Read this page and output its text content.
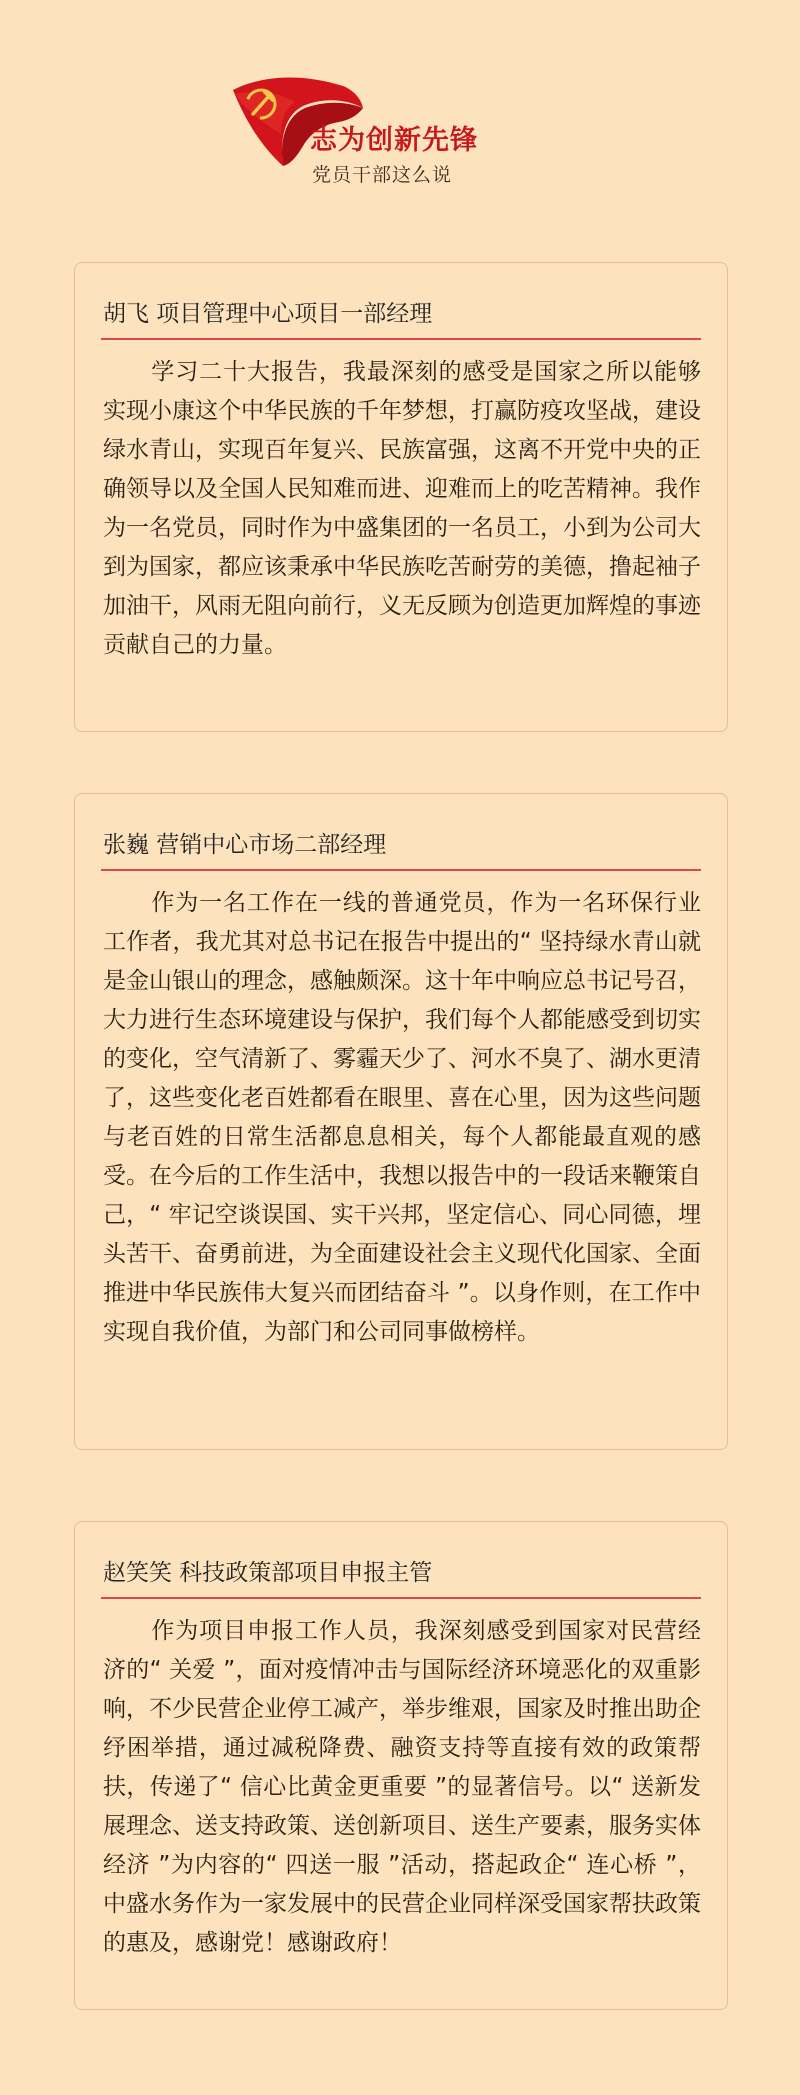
志为创新先锋
党员干部这么说
胡飞 项目管理中心项目一部经理

学习二十大报告，我最深刻的感受是国家之所以能够实现小康这个中华民族的千年梦想，打赢防疫攻坚战，建设绿水青山，实现百年复兴、民族富强，这离不开党中央的正确领导以及全国人民知难而进、迎难而上的吃苦精神。我作为一名党员，同时作为中盛集团的一名员工，小到为公司大到为国家，都应该秉承中华民族吃苦耐劳的美德，撸起袖子加油干，风雨无阻向前行，义无反顾为创造更加辉煌的事迹贡献自己的力量。

张巍 营销中心市场二部经理

作为一名工作在一线的普通党员，作为一名环保行业工作者，我尤其对总书记在报告中提出的“ 坚持绿水青山就是金山银山的理念，感触颇深。这十年中响应总书记号召，大力进行生态环境建设与保护，我们每个人都能感受到切实的变化，空气清新了、雾霾天少了、河水不臭了、湖水更清了，这些变化老百姓都看在眼里、喜在心里，因为这些问题与老百姓的日常生活都息息相关，每个人都能最直观的感受。在今后的工作生活中，我想以报告中的一段话来鞭策自己，“ 牢记空谈误国、实干兴邦，坚定信心、同心同德，埋头苦干、奋勇前进，为全面建设社会主义现代化国家、全面推进中华民族伟大复兴而团结奋斗 ”。以身作则，在工作中实现自我价值，为部门和公司同事做榜样。

赵笑笑 科技政策部项目申报主管

作为项目申报工作人员，我深刻感受到国家对民营经济的“ 关爱 ”，面对疫情冲击与国际经济环境恶化的双重影响，不少民营企业停工减产，举步维艰，国家及时推出助企纾困举措，通过减税降费、融资支持等直接有效的政策帮扶，传递了“ 信心比黄金更重要 ”的显著信号。以“ 送新发展理念、送支持政策、送创新项目、送生产要素，服务实体经济 ”为内容的“ 四送一服 ”活动，搭起政企“ 连心桥 ”，中盛水务作为一家发展中的民营企业同样深受国家帮扶政策的惠及，感谢党！感谢政府！
